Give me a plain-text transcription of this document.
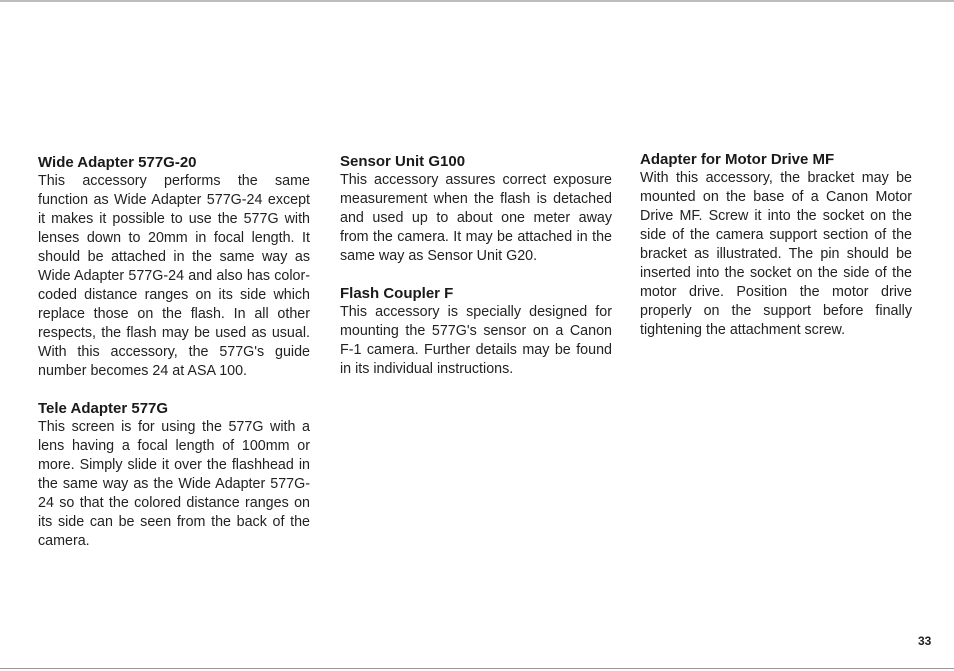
Wide Adapter 577G-20

This accessory performs the same function as Wide Adapter 577G-24 except it makes it possible to use the 577G with lenses down to 20mm in focal length. It should be attached in the same way as Wide Adapter 577G-24 and also has color-coded distance ranges on its side which replace those on the flash. In all other respects, the flash may be used as usual. With this accessory, the 577G's guide number becomes 24 at ASA 100.

Tele Adapter 577G

This screen is for using the 577G with a lens having a focal length of 100mm or more. Simply slide it over the flashhead in the same way as the Wide Adapter 577G-24 so that the colored distance ranges on its side can be seen from the back of the camera.

Sensor Unit G100

This accessory assures correct exposure measurement when the flash is detached and used up to about one meter away from the camera. It may be attached in the same way as Sensor Unit G20.

Flash Coupler F

This accessory is specially designed for mounting the 577G's sensor on a Canon F-1 camera. Further details may be found in its individual instructions.

Adapter for Motor Drive MF

With this accessory, the bracket may be mounted on the base of a Canon Motor Drive MF. Screw it into the socket on the side of the camera support section of the bracket as illustrated. The pin should be inserted into the socket on the side of the motor drive. Position the motor drive properly on the support before finally tightening the attachment screw.

33
